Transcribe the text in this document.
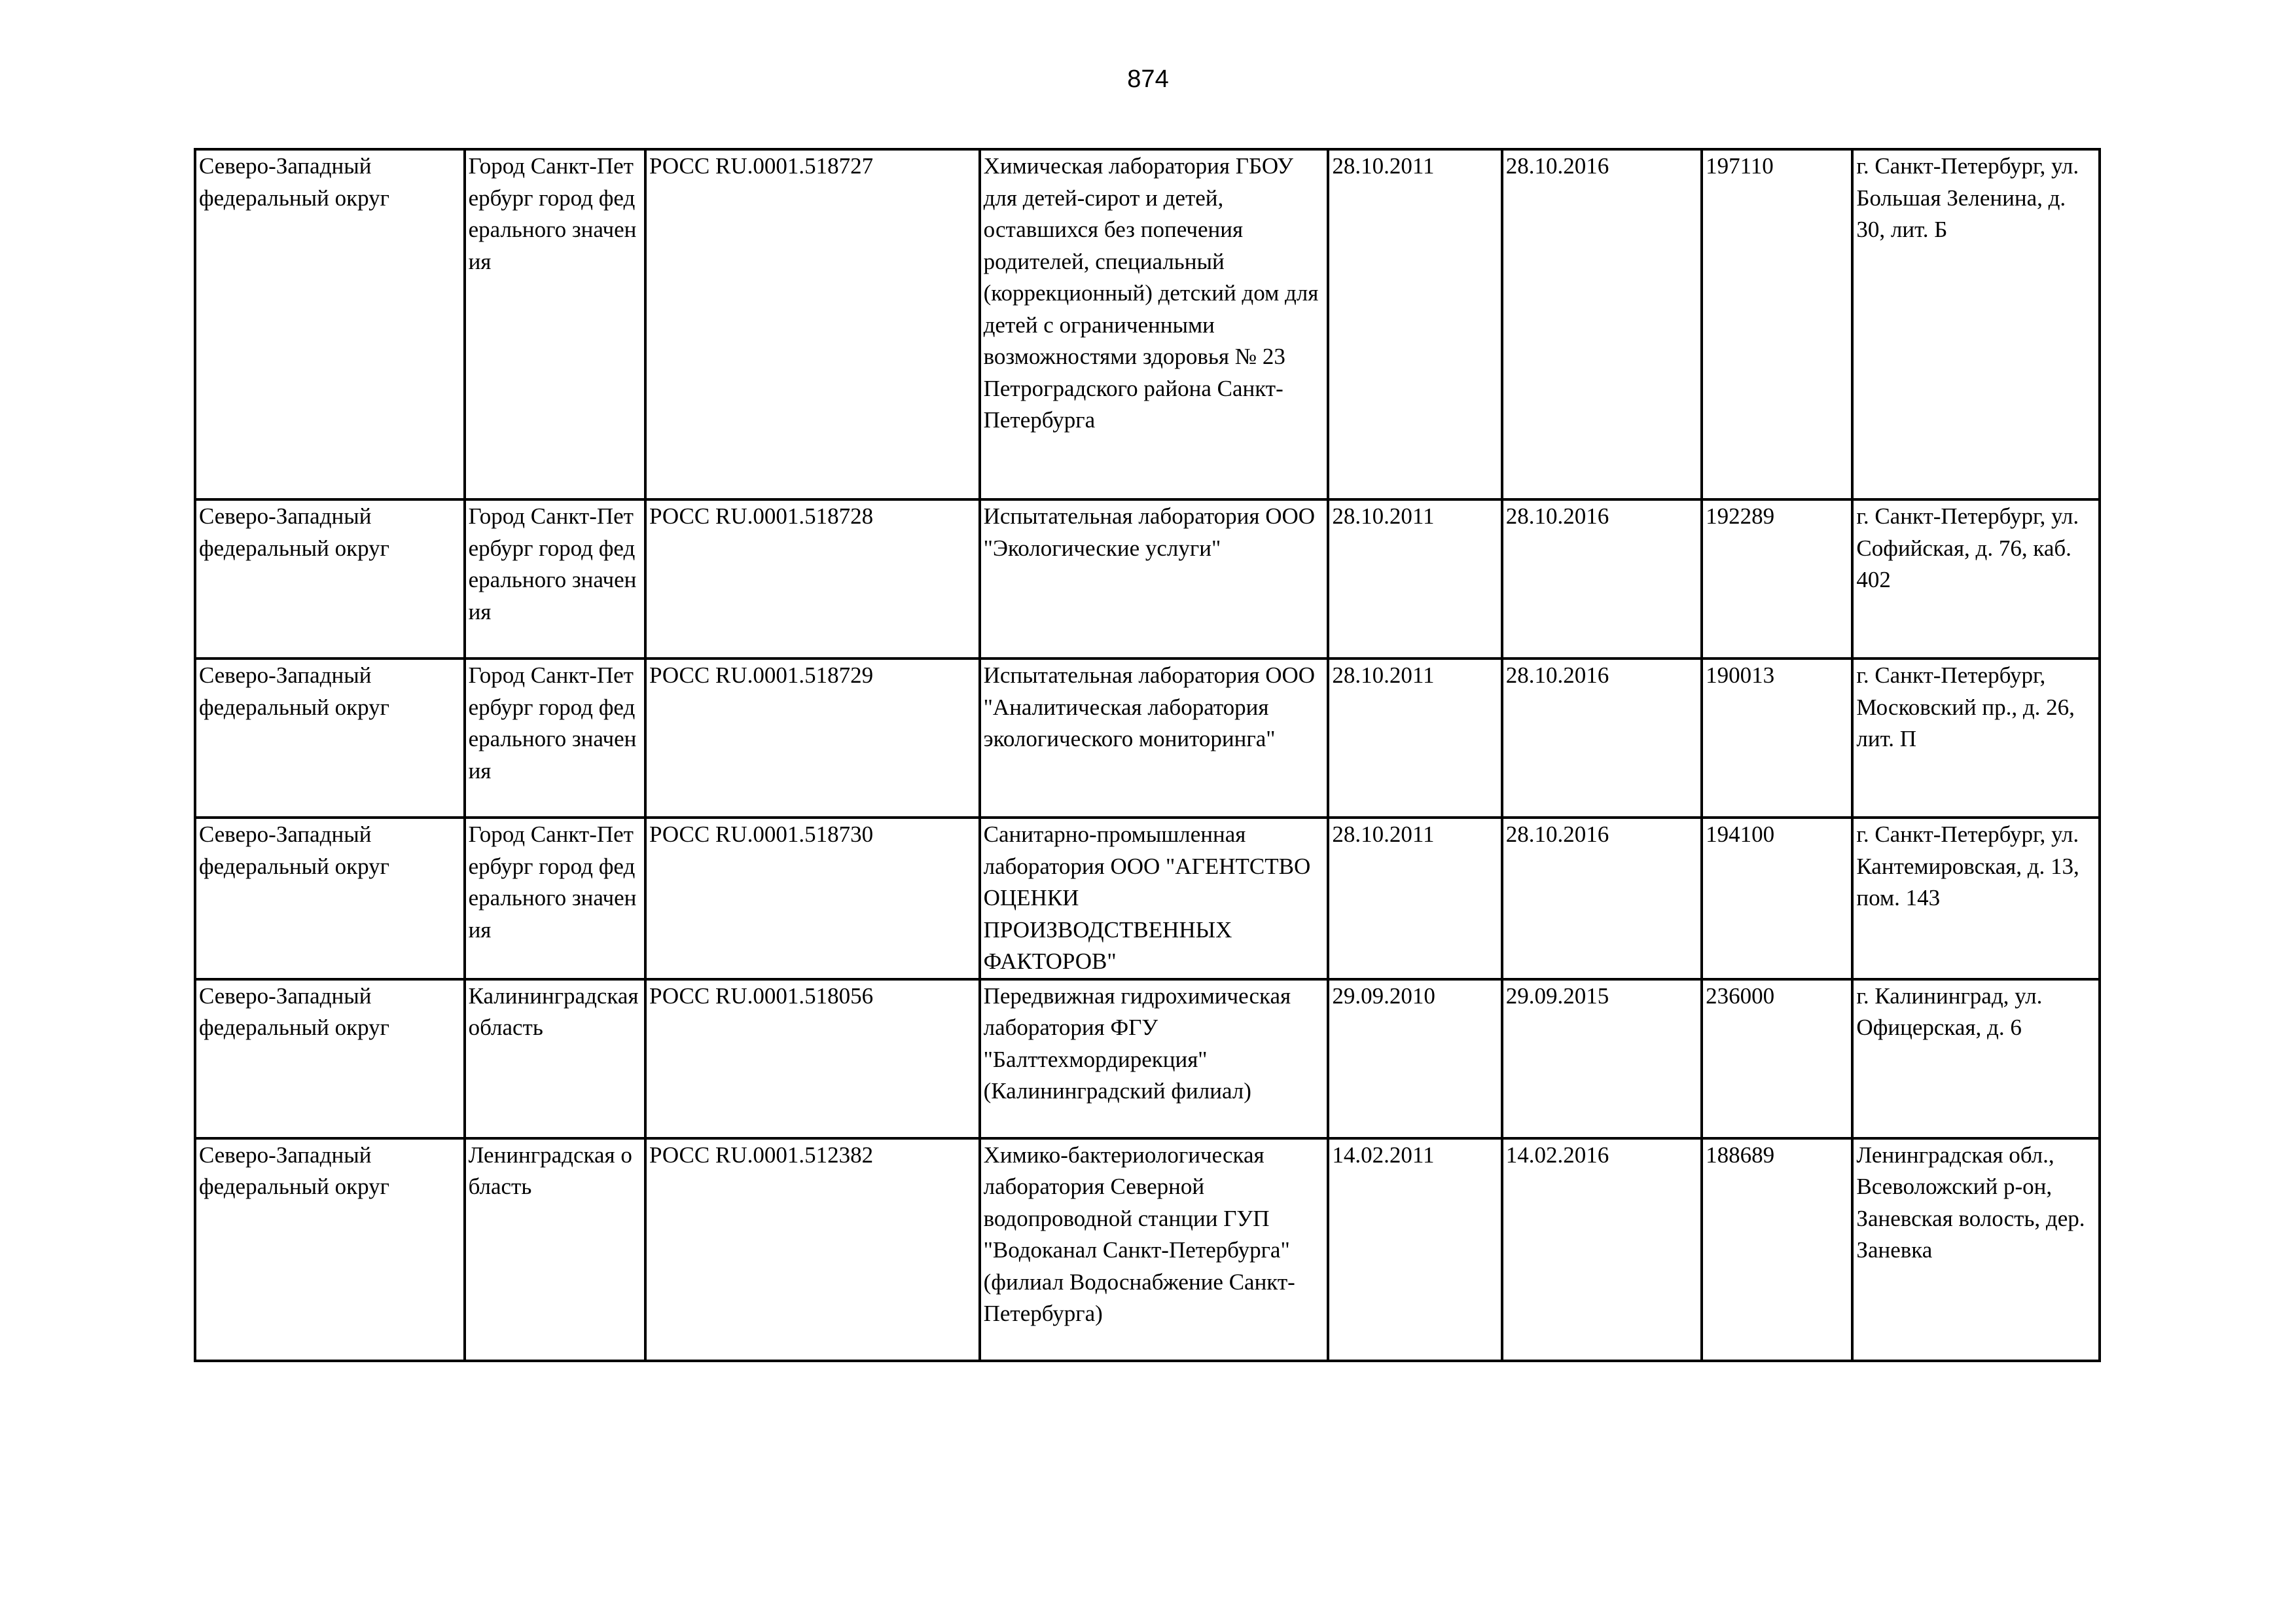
874
Северо-Западный федеральный округ	Город Санкт-Петербург город федерального значения	РОСС RU.0001.518727	Химическая лаборатория ГБОУ для детей-сирот и детей, оставшихся без попечения родителей, специальный (коррекционный) детский дом для детей с ограниченными возможностями здоровья № 23 Петроградского района Санкт-Петербурга	28.10.2011	28.10.2016	197110	г. Санкт-Петербург, ул. Большая Зеленина, д. 30, лит. Б
Северо-Западный федеральный округ	Город Санкт-Петербург город федерального значения	РОСС RU.0001.518728	Испытательная лаборатория ООО "Экологические услуги"	28.10.2011	28.10.2016	192289	г. Санкт-Петербург, ул. Софийская, д. 76, каб. 402
Северо-Западный федеральный округ	Город Санкт-Петербург город федерального значения	РОСС RU.0001.518729	Испытательная лаборатория ООО "Аналитическая лаборатория экологического мониторинга"	28.10.2011	28.10.2016	190013	г. Санкт-Петербург, Московский пр., д. 26, лит. П
Северо-Западный федеральный округ	Город Санкт-Петербург город федерального значения	РОСС RU.0001.518730	Санитарно-промышленная лаборатория ООО "АГЕНТСТВО ОЦЕНКИ ПРОИЗВОДСТВЕННЫХ ФАКТОРОВ"	28.10.2011	28.10.2016	194100	г. Санкт-Петербург, ул. Кантемировская, д. 13, пом. 143
Северо-Западный федеральный округ	Калининградская область	РОСС RU.0001.518056	Передвижная гидрохимическая лаборатория ФГУ "Балттехмордирекция" (Калининградский филиал)	29.09.2010	29.09.2015	236000	г. Калининград, ул. Офицерская, д. 6
Северо-Западный федеральный округ	Ленинградская область	РОСС RU.0001.512382	Химико-бактериологическая лаборатория Северной водопроводной станции ГУП "Водоканал Санкт-Петербурга" (филиал Водоснабжение Санкт-Петербурга)	14.02.2011	14.02.2016	188689	Ленинградская обл., Всеволожский р-он, Заневская волость, дер. Заневка
